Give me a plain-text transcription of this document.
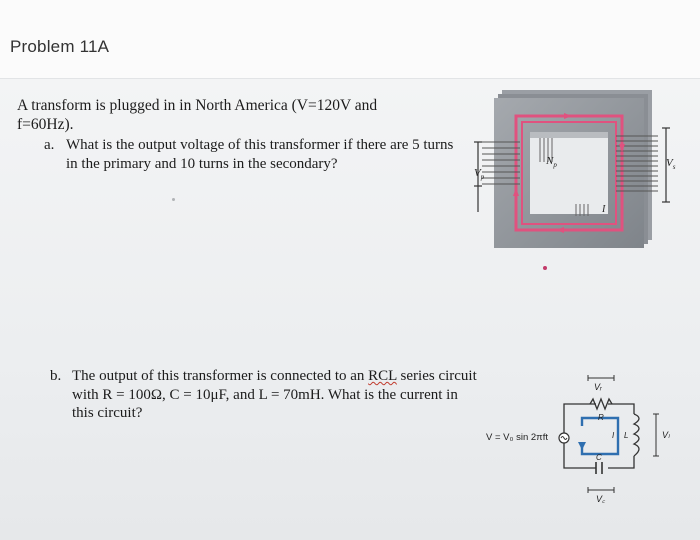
Problem 11A
A transform is plugged in in North America (V=120V and
f=60Hz).
a. What is the output voltage of this transformer if there are 5 turns in the primary and 10 turns in the secondary?
b. The output of this transformer is connected to an RCL series circuit with R = 100Ω, C = 10μF, and L = 70mH. What is the current in this circuit?
$V_p$
$V_s$
$N_p$
I
V = V₀ sin 2πft
Vᵣ
R
L	Vₗ
C
V꜀
I
